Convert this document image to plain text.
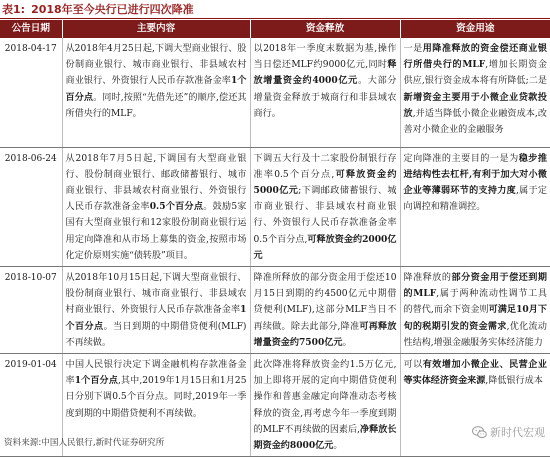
表1: 2018年至今央行已进行四次降准
公告日期	主要内容	资金释放	资金用途
2018-04-17	从2018年4月25日起,下调大型商业银行、股份制商业银行、城市商业银行、非县域农村商业银行、外资银行人民币存款准备金率1个百分点。同时,按照“先借先还”的顺序,偿还其所借央行的MLF。	以2018年一季度末数据为基,操作当日偿还MLF约9000亿元,同时释放增量资金约4000亿元。大部分增量资金释放于城商行和非县域农商行。	一是用降准释放的资金偿还商业银行所借央行的MLF,增加长期资金供应,银行资金成本将有所降低;二是新增资金主要用于小微企业贷款投放,并适当降低小微企业融资成本,改善对小微企业的金融服务
2018-06-24	从2018年7月5日起,下调国有大型商业银行、股份制商业银行、邮政储蓄银行、城市商业银行、非县域农村商业银行、外资银行人民币存款准备金率0.5个百分点。鼓励5家国有大型商业银行和12家股份制商业银行运用定向降准和从市场上募集的资金,按照市场化定价原则实施“债转股”项目。	下调五大行及十二家股份制银行存准率0.5个百分点,可释放资金约5000亿元;下调邮政储蓄银行、城市商业银行、非县域农村商业银行、外资银行人民币存款准备金率0.5个百分点,可释放资金约2000亿元	定向降准的主要目的一是为稳步推进结构性去杠杆,有利于加大对小微企业等薄弱环节的支持力度,属于定向调控和精准调控。
2018-10-07	从2018年10月15日起,下调大型商业银行、股份制商业银行、城市商业银行、非县域农村商业银行、外资银行人民币存款准备金率1个百分点。当日到期的中期借贷便利(MLF)不再续做。	降准所释放的部分资金用于偿还10月15日到期的约4500亿元中期借贷便利(MLF),这部分MLF当日不再续做。除去此部分,降准可再释放增量资金约7500亿元。	降准释放的部分资金用于偿还到期的MLF,属于两种流动性调节工具的替代,而余下资金则可满足10月下旬的税期引发的资金需求,优化流动性结构,增强金融服务实体经济能力
2019-01-04	中国人民银行决定下调金融机构存款准备金率1个百分点,其中,2019年1月15日和1月25日分别下调0.5个百分点。同时,2019年一季度到期的中期借贷便利不再续做。	此次降准将释放资金约1.5万亿元,加上即将开展的定向中期借贷便利操作和普惠金融定向降准动态考核释放的资金,再考虑今年一季度到期的MLF不再续做的因素后,净释放长期资金约8000亿元。	可以有效增加小微企业、民营企业等实体经济资金来源,降低银行成本
资料来源:中国人民银行,新时代证券研究所
新时代宏观
